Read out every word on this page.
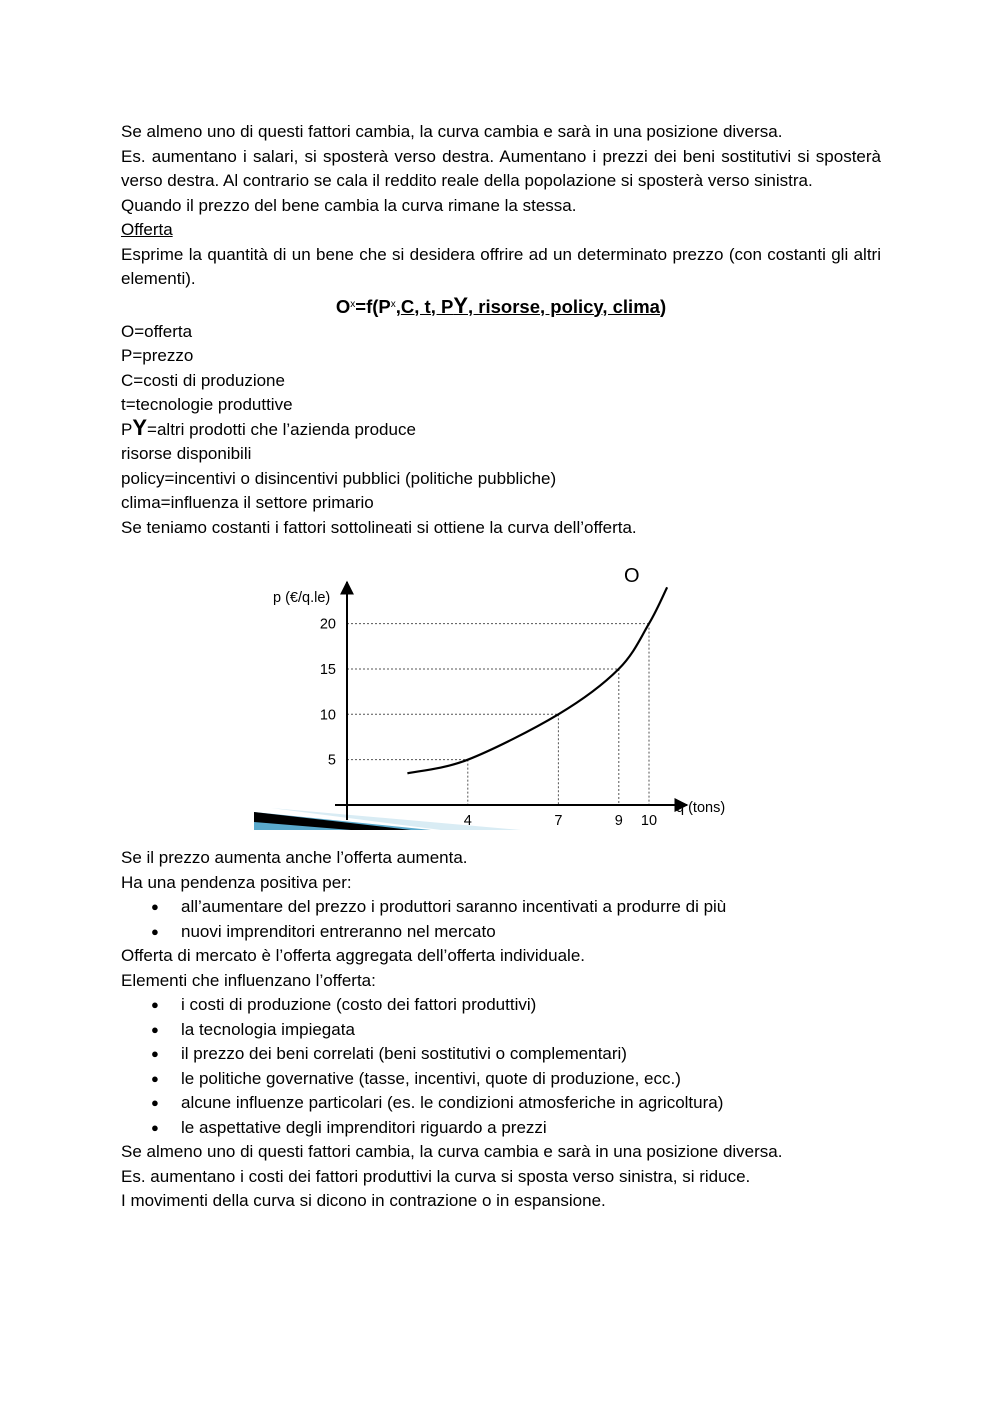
Se almeno uno di questi fattori cambia, la curva cambia e sarà in una posizione diversa.

Es. aumentano i salari, si sposterà verso destra. Aumentano i prezzi dei beni sostitutivi si sposterà verso destra. Al contrario se cala il reddito reale della popolazione si sposterà verso sinistra.

Quando il prezzo del bene cambia la curva rimane la stessa.

Offerta

Esprime la quantità di un bene che si desidera offrire ad un determinato prezzo (con costanti gli altri elementi).

$O^x=f(P^x,C$, t, PY, risorse, policy, clima)

O=offerta

P=prezzo

C=costi di produzione

t=tecnologie produttive

PY=altri prodotti che l’azienda produce

risorse disponibili

policy=incentivi o disincentivi pubblici (politiche pubbliche)

clima=influenza il settore primario

Se teniamo costanti i fattori sottolineati si ottiene la curva dell’offerta.

4	7	9 10
5
10
15
20
p (€/q.le)
q (tons)
O

Se il prezzo aumenta anche l’offerta aumenta.

Ha una pendenza positiva per:

● all’aumentare del prezzo i produttori saranno incentivati a produrre di più
● nuovi imprenditori entreranno nel mercato

Offerta di mercato è l’offerta aggregata dell’offerta individuale.

Elementi che influenzano l’offerta:

● i costi di produzione (costo dei fattori produttivi)
● la tecnologia impiegata
● il prezzo dei beni correlati (beni sostitutivi o complementari)
● le politiche governative (tasse, incentivi, quote di produzione, ecc.)
● alcune influenze particolari (es. le condizioni atmosferiche in agricoltura)
● le aspettative degli imprenditori riguardo a prezzi

Se almeno uno di questi fattori cambia, la curva cambia e sarà in una posizione diversa.

Es. aumentano i costi dei fattori produttivi la curva si sposta verso sinistra, si riduce.

I movimenti della curva si dicono in contrazione o in espansione.
